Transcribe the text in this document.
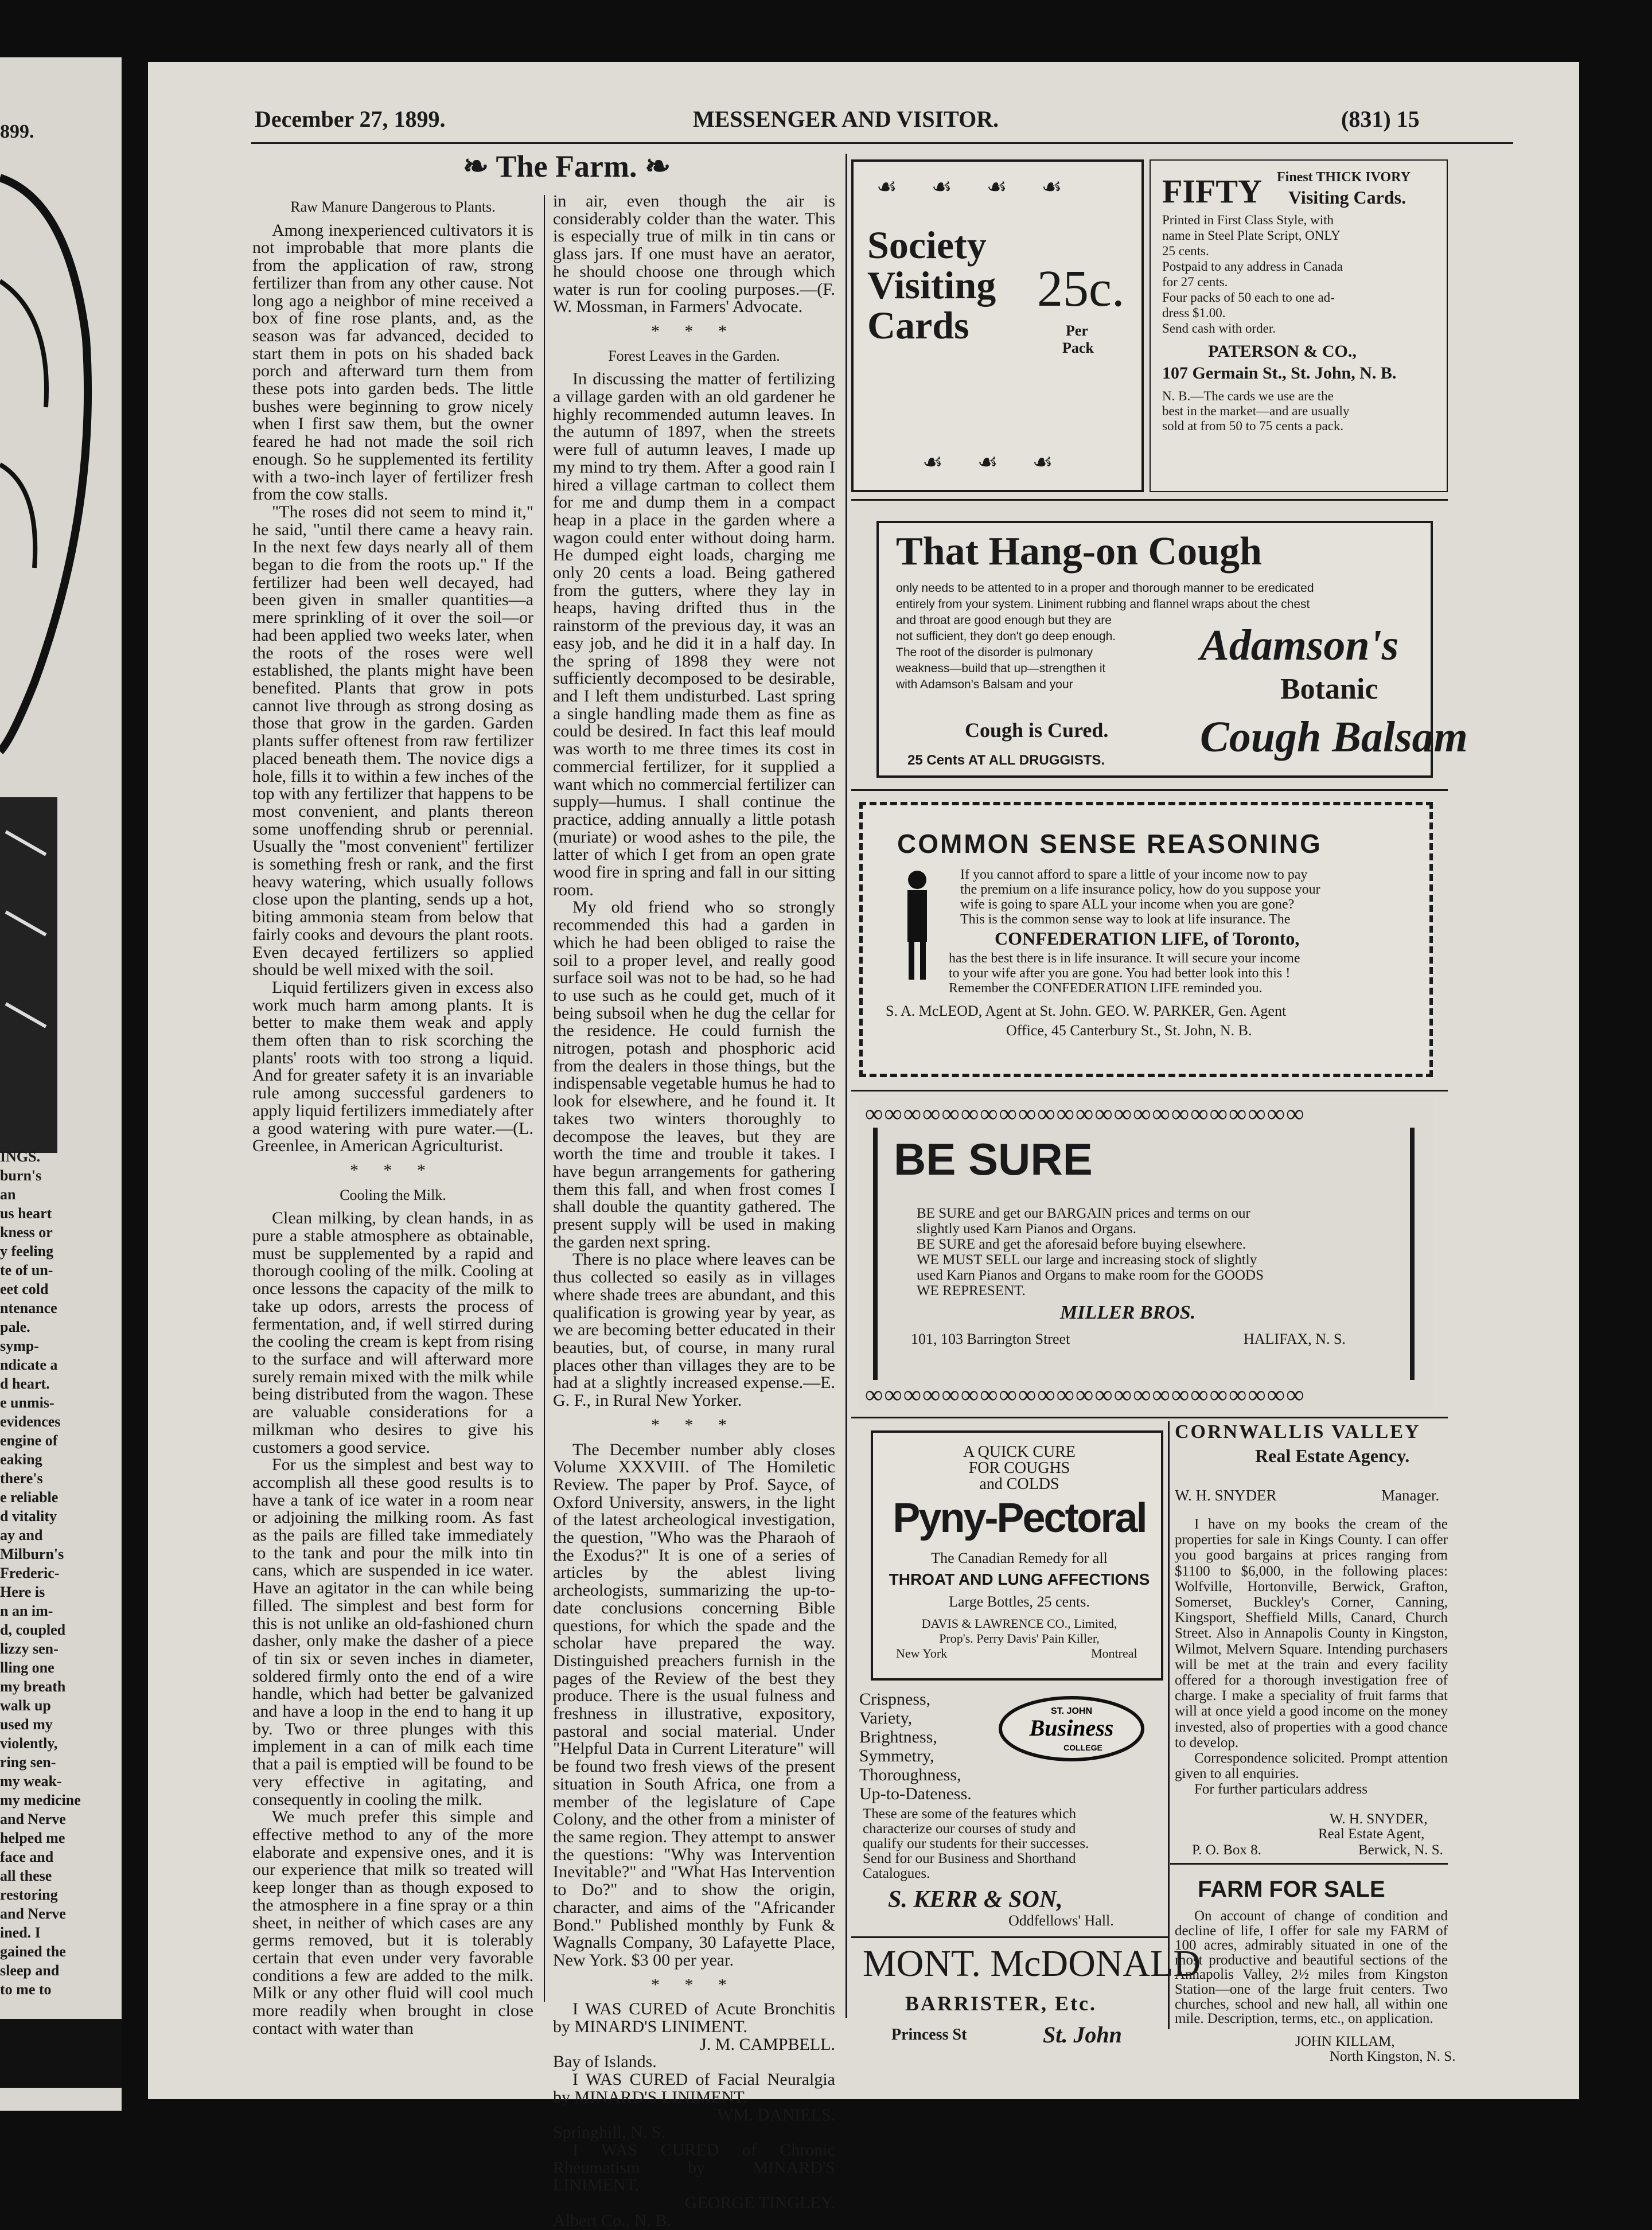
899.
INGS.
burn's
an
us heart
kness or
y feeling
te of un-
eet cold
ntenance
pale.
symp-
ndicate a
d heart.
e unmis-
evidences
engine of
eaking
there's
e reliable
d vitality
ay and
Milburn's
Frederic-
Here is
n an im-
d, coupled
lizzy sen-
lling one
my breath
walk up
used my
violently,
ring sen-
my weak-
my medicine
and Nerve
helped me
face and
all these
restoring
and Nerve
ined. I
gained the
sleep and
to me to
December 27, 1899.	MESSENGER AND VISITOR.	(831) 15
❧ The Farm. ❧

Raw Manure Dangerous to Plants.

Among inexperienced cultivators it is not improbable that more plants die from the application of raw, strong fertilizer than from any other cause. Not long ago a neighbor of mine received a box of fine rose plants, and, as the season was far advanced, decided to start them in pots on his shaded back porch and afterward turn them from these pots into garden beds. The little bushes were beginning to grow nicely when I first saw them, but the owner feared he had not made the soil rich enough. So he supplemented its fertility with a two-inch layer of fertilizer fresh from the cow stalls.

"The roses did not seem to mind it," he said, "until there came a heavy rain. In the next few days nearly all of them began to die from the roots up." If the fertilizer had been well decayed, had been given in smaller quantities—a mere sprinkling of it over the soil—or had been applied two weeks later, when the roots of the roses were well established, the plants might have been benefited. Plants that grow in pots cannot live through as strong dosing as those that grow in the garden. Garden plants suffer oftenest from raw fertilizer placed beneath them. The novice digs a hole, fills it to within a few inches of the top with any fertilizer that happens to be most convenient, and plants thereon some unoffending shrub or perennial. Usually the "most convenient" fertilizer is something fresh or rank, and the first heavy watering, which usually follows close upon the planting, sends up a hot, biting ammonia steam from below that fairly cooks and devours the plant roots. Even decayed fertilizers so applied should be well mixed with the soil.

Liquid fertilizers given in excess also work much harm among plants. It is better to make them weak and apply them often than to risk scorching the plants' roots with too strong a liquid. And for greater safety it is an invariable rule among successful gardeners to apply liquid fertilizers immediately after a good watering with pure water.—(L. Greenlee, in American Agriculturist.

* * *

Cooling the Milk.

Clean milking, by clean hands, in as pure a stable atmosphere as obtainable, must be supplemented by a rapid and thorough cooling of the milk. Cooling at once lessons the capacity of the milk to take up odors, arrests the process of fermentation, and, if well stirred during the cooling the cream is kept from rising to the surface and will afterward more surely remain mixed with the milk while being distributed from the wagon. These are valuable considerations for a milkman who desires to give his customers a good service.

For us the simplest and best way to accomplish all these good results is to have a tank of ice water in a room near or adjoining the milking room. As fast as the pails are filled take immediately to the tank and pour the milk into tin cans, which are suspended in ice water. Have an agitator in the can while being filled. The simplest and best form for this is not unlike an old-fashioned churn dasher, only make the dasher of a piece of tin six or seven inches in diameter, soldered firmly onto the end of a wire handle, which had better be galvanized and have a loop in the end to hang it up by. Two or three plunges with this implement in a can of milk each time that a pail is emptied will be found to be very effective in agitating, and consequently in cooling the milk.

We much prefer this simple and effective method to any of the more elaborate and expensive ones, and it is our experience that milk so treated will keep longer than as though exposed to the atmosphere in a fine spray or a thin sheet, in neither of which cases are any germs removed, but it is tolerably certain that even under very favorable conditions a few are added to the milk. Milk or any other fluid will cool much more readily when brought in close contact with water than

in air, even though the air is considerably colder than the water. This is especially true of milk in tin cans or glass jars. If one must have an aerator, he should choose one through which water is run for cooling purposes.—(F. W. Mossman, in Farmers' Advocate.

* * *

Forest Leaves in the Garden.

In discussing the matter of fertilizing a village garden with an old gardener he highly recommended autumn leaves. In the autumn of 1897, when the streets were full of autumn leaves, I made up my mind to try them. After a good rain I hired a village cartman to collect them for me and dump them in a compact heap in a place in the garden where a wagon could enter without doing harm. He dumped eight loads, charging me only 20 cents a load. Being gathered from the gutters, where they lay in heaps, having drifted thus in the rainstorm of the previous day, it was an easy job, and he did it in a half day. In the spring of 1898 they were not sufficiently decomposed to be desirable, and I left them undisturbed. Last spring a single handling made them as fine as could be desired. In fact this leaf mould was worth to me three times its cost in commercial fertilizer, for it supplied a want which no commercial fertilizer can supply—humus. I shall continue the practice, adding annually a little potash (muriate) or wood ashes to the pile, the latter of which I get from an open grate wood fire in spring and fall in our sitting room.

My old friend who so strongly recommended this had a garden in which he had been obliged to raise the soil to a proper level, and really good surface soil was not to be had, so he had to use such as he could get, much of it being subsoil when he dug the cellar for the residence. He could furnish the nitrogen, potash and phosphoric acid from the dealers in those things, but the indispensable vegetable humus he had to look for elsewhere, and he found it. It takes two winters thoroughly to decompose the leaves, but they are worth the time and trouble it takes. I have begun arrangements for gathering them this fall, and when frost comes I shall double the quantity gathered. The present supply will be used in making the garden next spring.

There is no place where leaves can be thus collected so easily as in villages where shade trees are abundant, and this qualification is growing year by year, as we are becoming better educated in their beauties, but, of course, in many rural places other than villages they are to be had at a slightly increased expense.—E. G. F., in Rural New Yorker.

* * *

The December number ably closes Volume XXXVIII. of The Homiletic Review. The paper by Prof. Sayce, of Oxford University, answers, in the light of the latest archeological investigation, the question, "Who was the Pharaoh of the Exodus?" It is one of a series of articles by the ablest living archeologists, summarizing the up-to-date conclusions concerning Bible questions, for which the spade and the scholar have prepared the way. Distinguished preachers furnish in the pages of the Review of the best they produce. There is the usual fulness and freshness in illustrative, expository, pastoral and social material. Under "Helpful Data in Current Literature" will be found two fresh views of the present situation in South Africa, one from a member of the legislature of Cape Colony, and the other from a minister of the same region. They attempt to answer the questions: "Why was Intervention Inevitable?" and "What Has Intervention to Do?" and to show the origin, character, and aims of the "Africander Bond." Published monthly by Funk & Wagnalls Company, 30 Lafayette Place, New York. $3 00 per year.

* * *

I WAS CURED of Acute Bronchitis by MINARD'S LINIMENT.

J. M. CAMPBELL.

Bay of Islands.

I WAS CURED of Facial Neuralgia by MINARD'S LINIMENT.

WM. DANIELS.

Springhill, N. S.

I WAS CURED of Chronic Rheumatism by MINARD'S LINIMENT.

GEORGE TINGLEY.

Albert Co., N. B.

☙☙☙☙
Society
Visiting
Cards
25c.
Per
Pack
☙☙☙
FIFTY Finest THICK IVORY
Visiting Cards.
Printed in First Class Style, with
name in Steel Plate Script, ONLY
25 cents.
Postpaid to any address in Canada
for 27 cents.
Four packs of 50 each to one ad-
dress $1.00.
Send cash with order.
PATERSON & CO.,
107 Germain St., St. John, N. B.
N. B.—The cards we use are the
best in the market—and are usually
sold at from 50 to 75 cents a pack.
That Hang-on Cough
only needs to be attented to in a proper and thorough manner to be eredicated
entirely from your system. Liniment rubbing and flannel wraps about the chest
and throat are good enough but they are
not sufficient, they don't go deep enough.
The root of the disorder is pulmonary
weakness—build that up—strengthen it
with Adamson's Balsam and your
Cough is Cured.
25 Cents AT ALL DRUGGISTS.
Adamson's
Botanic
Cough Balsam
COMMON SENSE REASONING
If you cannot afford to spare a little of your income now to pay
the premium on a life insurance policy, how do you suppose your
wife is going to spare ALL your income when you are gone?
This is the common sense way to look at life insurance. The
CONFEDERATION LIFE, of Toronto,
has the best there is in life insurance. It will secure your income
to your wife after you are gone. You had better look into this !
Remember the CONFEDERATION LIFE reminded you.
S. A. McLEOD, Agent at St. John. GEO. W. PARKER, Gen. Agent
Office, 45 Canterbury St., St. John, N. B.
∞∞∞∞∞∞∞∞∞∞∞∞∞∞∞∞∞∞∞∞∞∞∞
∞∞∞∞∞∞∞∞∞∞∞∞∞∞∞∞∞∞∞∞∞∞∞
BE SURE
BE SURE and get our BARGAIN prices and terms on our
slightly used Karn Pianos and Organs.
BE SURE and get the aforesaid before buying elsewhere.
WE MUST SELL our large and increasing stock of slightly
used Karn Pianos and Organs to make room for the GOODS
WE REPRESENT.
MILLER BROS.
101, 103 Barrington Street	HALIFAX, N. S.
A QUICK CURE
FOR COUGHS
and COLDS
Pyny-Pectoral
The Canadian Remedy for all
THROAT AND LUNG AFFECTIONS
Large Bottles, 25 cents.
DAVIS & LAWRENCE CO., Limited,
Prop's. Perry Davis' Pain Killer,
New York	Montreal
Crispness,
Variety,
Brightness,
Symmetry,
Thoroughness,
Up-to-Dateness.
ST. JOHN
Business
COLLEGE
These are some of the features which
characterize our courses of study and
qualify our students for their successes.
Send for our Business and Shorthand
Catalogues.
S. KERR & SON,
Oddfellows' Hall.
MONT. McDONALD
BARRISTER, Etc.
Princess St	St. John
CORNWALLIS VALLEY
Real Estate Agency.
W. H. SNYDER	Manager.

I have on my books the cream of the properties for sale in Kings County. I can offer you good bargains at prices ranging from $1100 to $6,000, in the following places: Wolfville, Hortonville, Berwick, Grafton, Somerset, Buckley's Corner, Canning, Kingsport, Sheffield Mills, Canard, Church Street. Also in Annapolis County in Kingston, Wilmot, Melvern Square. Intending purchasers will be met at the train and every facility offered for a thorough investigation free of charge. I make a speciality of fruit farms that will at once yield a good income on the money invested, also of properties with a good chance to develop.

Correspondence solicited. Prompt attention given to all enquiries.

For further particulars address

W. H. SNYDER,
Real Estate Agent,
P. O. Box 8.	Berwick, N. S.
FARM FOR SALE

On account of change of condition and decline of life, I offer for sale my FARM of 100 acres, admirably situated in one of the most productive and beautiful sections of the Annapolis Valley, 2½ miles from Kingston Station—one of the large fruit centers. Two churches, school and new hall, all within one mile. Description, terms, etc., on application.

JOHN KILLAM,
North Kingston, N. S.
